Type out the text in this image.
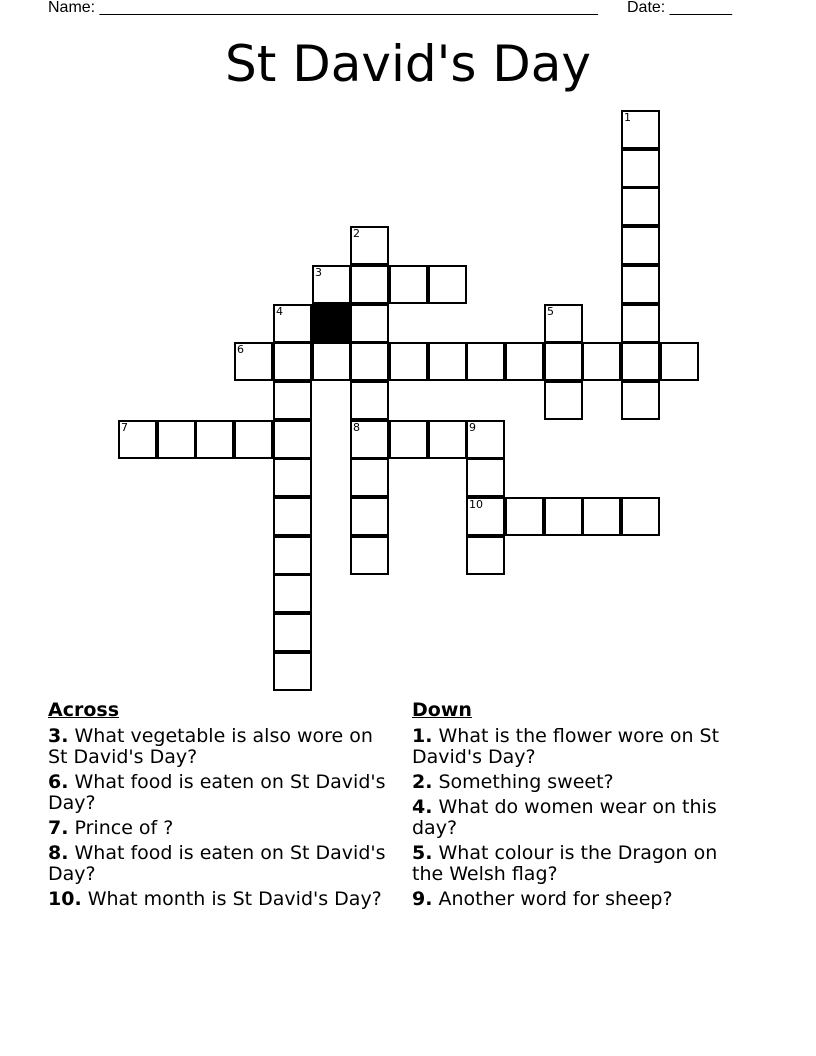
Name: ________________________________________________________ Date: _______
St David's Day
1
2
3
4	5
6
7	8	9
10
Across
3. What vegetable is also wore on St David's Day?
6. What food is eaten on St David's Day?
7. Prince of ?
8. What food is eaten on St David's Day?
10. What month is St David's Day?
Down
1. What is the flower wore on St David's Day?
2. Something sweet?
4. What do women wear on this day?
5. What colour is the Dragon on the Welsh flag?
9. Another word for sheep?
